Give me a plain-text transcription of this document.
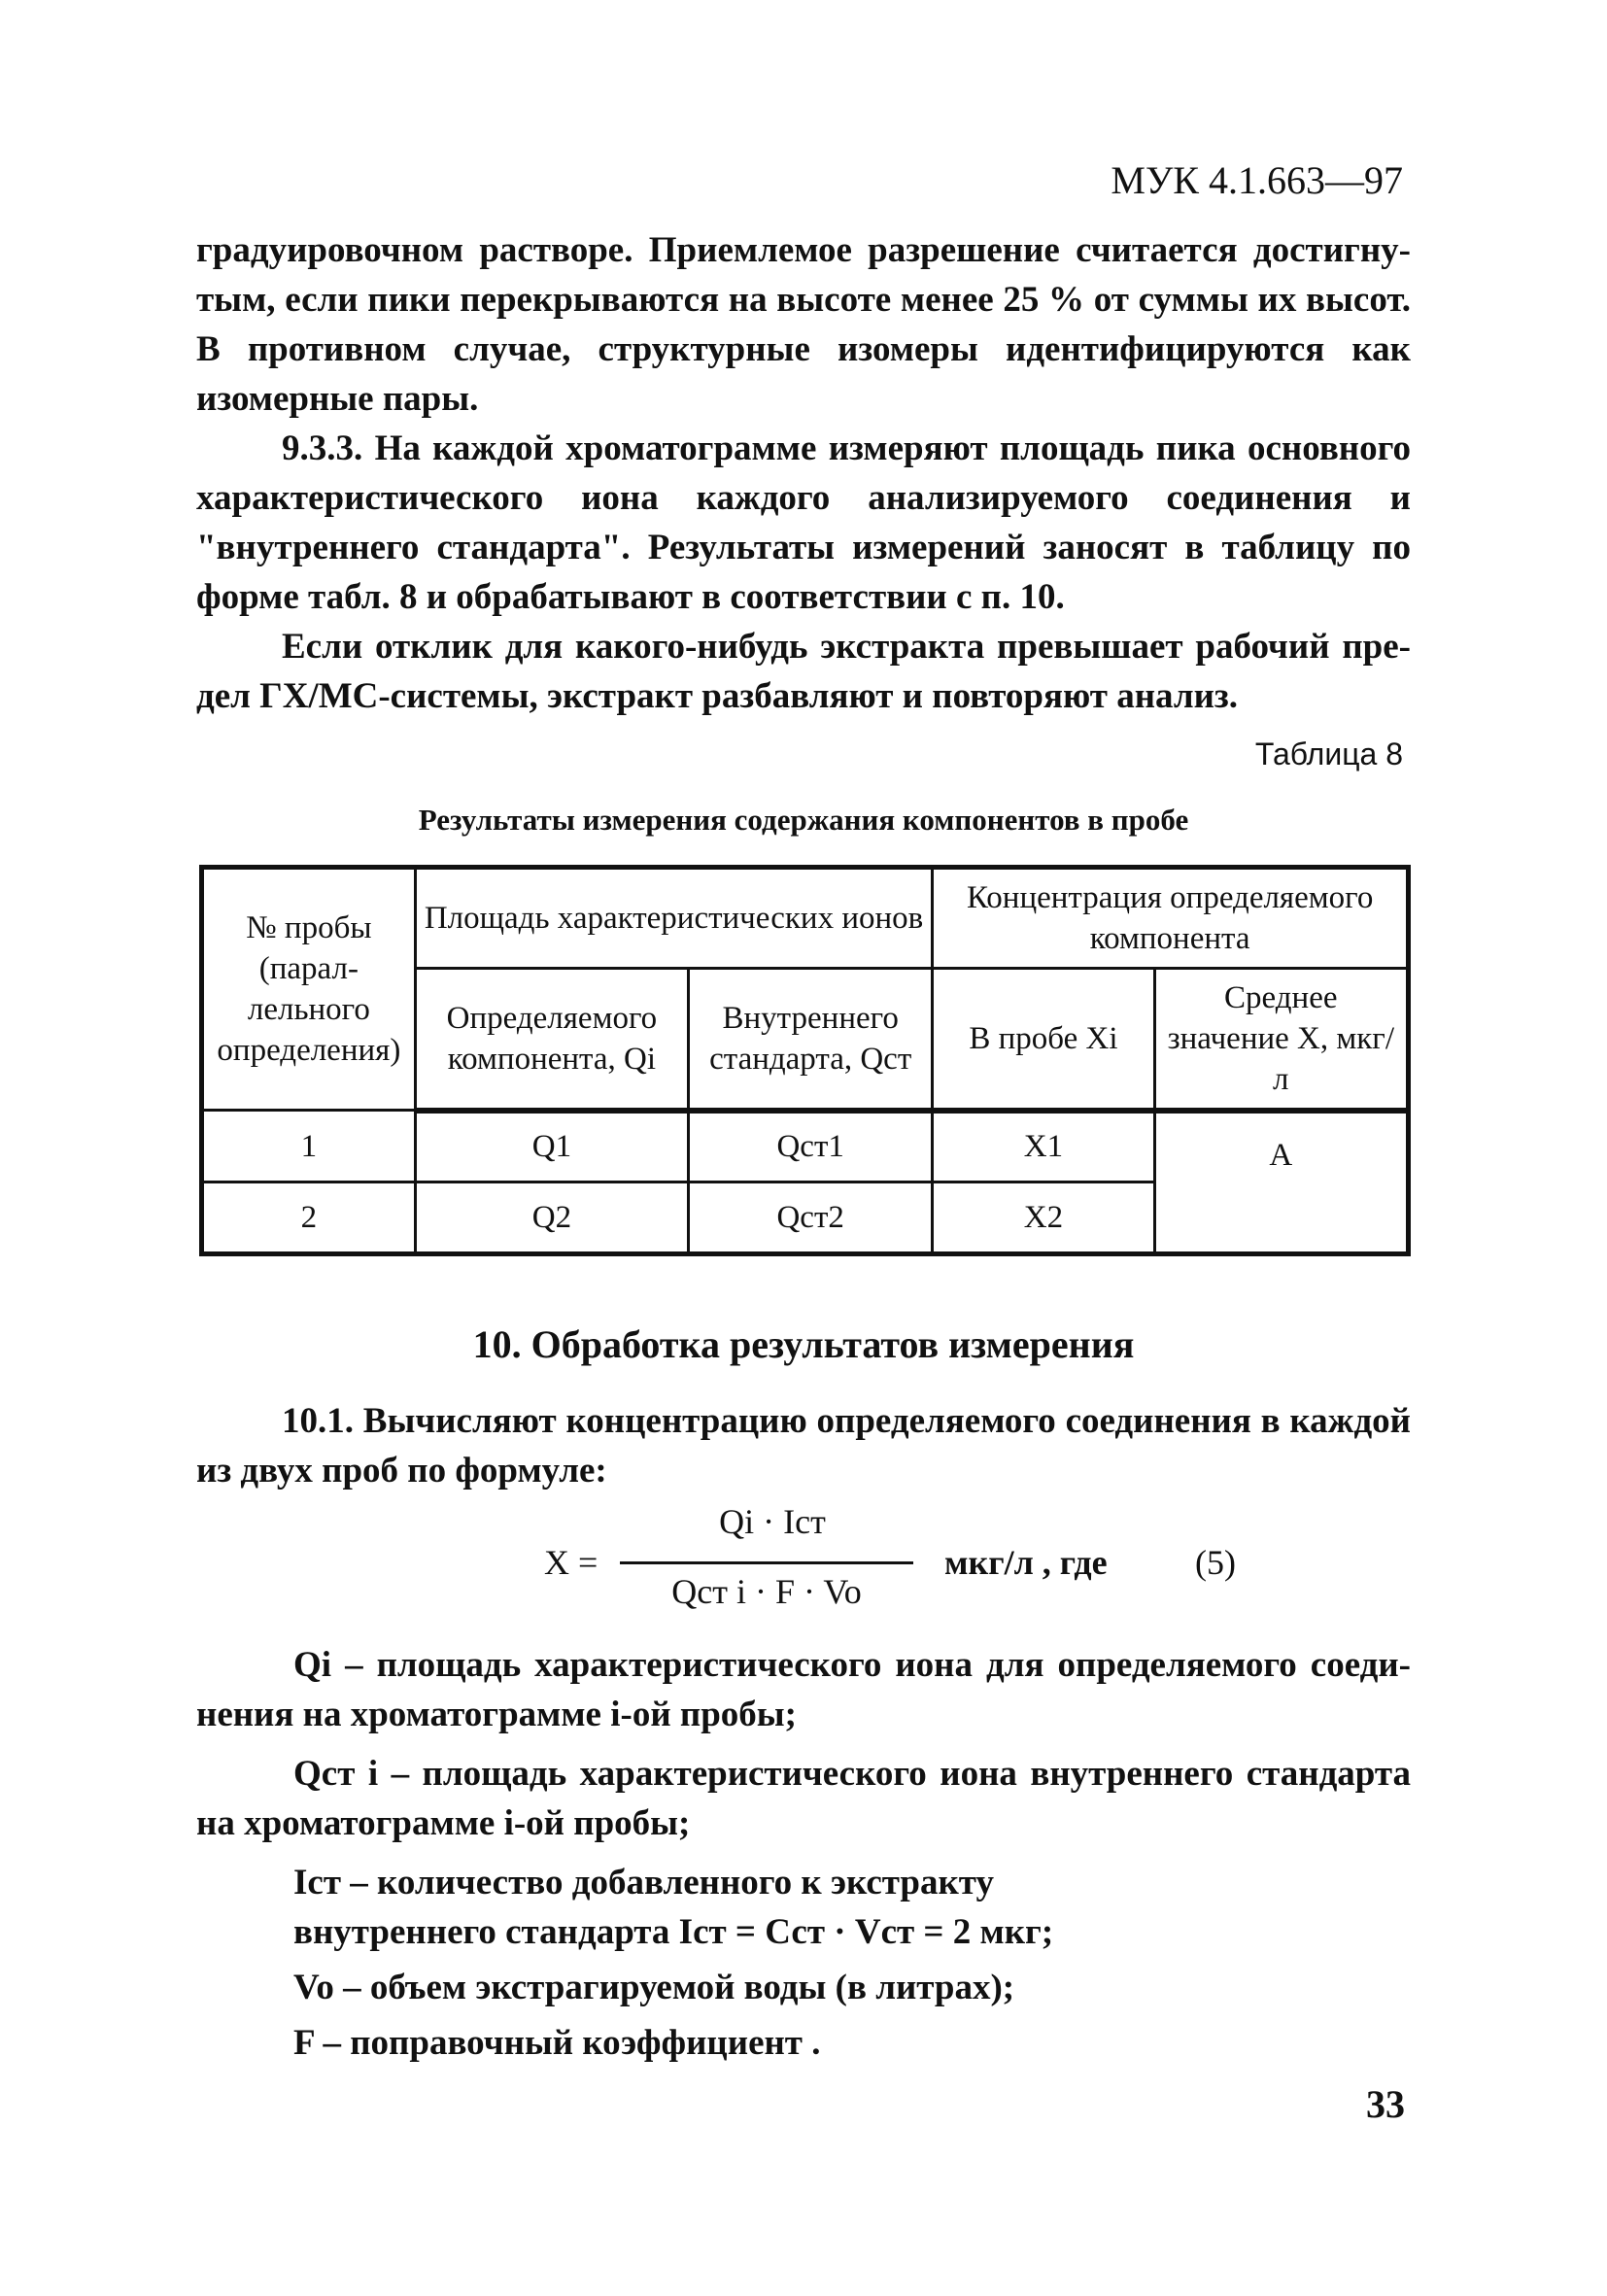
МУК 4.1.663—97

градуировочном растворе. Приемлемое разрешение считается достигнутым, если пики перекрываются на высоте менее 25 % от суммы их высот. В противном случае, структурные изомеры идентифицируются как изомерные пары.

9.3.3. На каждой хроматограмме измеряют площадь пика основного характеристического иона каждого анализируемого соединения и "внутреннего стандарта". Результаты измерений заносят в таблицу по форме табл. 8 и обрабатывают в соответствии с п. 10.

Если отклик для какого-нибудь экстракта превышает рабочий предел ГХ/МС-системы, экстракт разбавляют и повторяют анализ.

Таблица 8
Результаты измерения содержания компонентов в пробе
№ пробы (параллельного определения)	Площадь характеристических ионов		Концентрация определяемого компонента	
	Определяемого компонента, Qi	Внутреннего стандарта, Qст	В пробе Xi	Среднее значение X, мкг/л
1	Q1	Qст1	X1	А
2	Q2	Qст2	X2	
10. Обработка результатов измерения

10.1. Вычисляют концентрацию определяемого соединения в каждой из двух проб по формуле:

X =
Qi · Iст
Qст i · F · Vo
мкг/л , где	(5)

Qi – площадь характеристического иона для определяемого соединения на хроматограмме i-ой пробы;

Qст i – площадь характеристического иона внутреннего стандарта на хроматограмме i-ой пробы;

Iст – количество добавленного к экстракту

внутреннего стандарта Iст = Сст · Vст = 2 мкг;

Vo – объем экстрагируемой воды (в литрах);

F – поправочный коэффициент .

33
